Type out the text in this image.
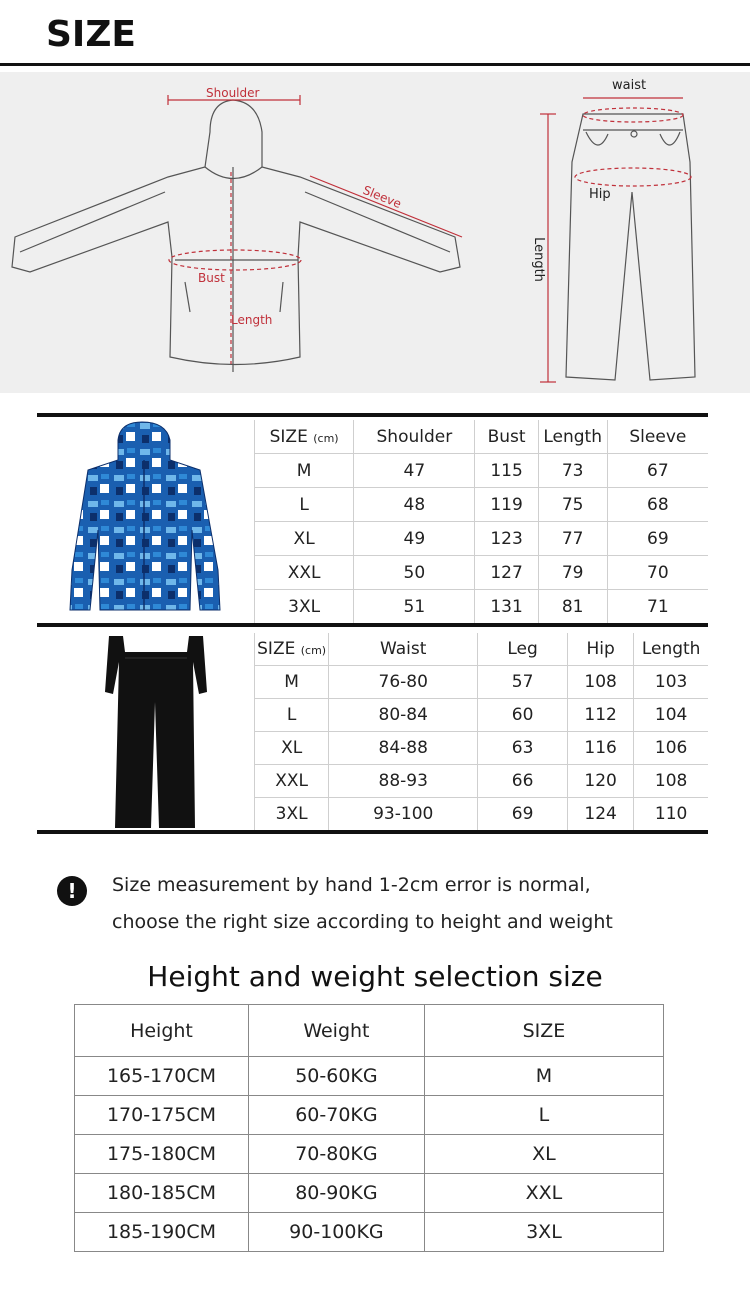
SIZE
Shoulder
Sleeve
Bust
Length
waist
Hip
Length
SIZE (cm)	Shoulder	Bust	Length	Sleeve
M	47	115	73	67
L	48	119	75	68
XL	49	123	77	69
XXL	50	127	79	70
3XL	51	131	81	71
SIZE (cm)	Waist	Leg	Hip	Length
M	76-80	57	108	103
L	80-84	60	112	104
XL	84-88	63	116	106
XXL	88-93	66	120	108
3XL	93-100	69	124	110
!	Size measurement by hand 1-2cm error is normal,
choose the right size according to height and weight
Height and weight selection size
Height	Weight	SIZE
165-170CM	50-60KG	M
170-175CM	60-70KG	L
175-180CM	70-80KG	XL
180-185CM	80-90KG	XXL
185-190CM	90-100KG	3XL
